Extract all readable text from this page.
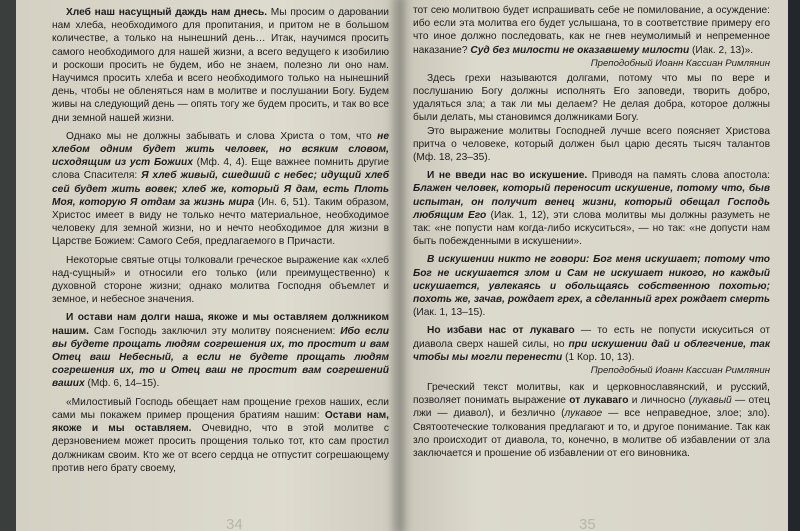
Хлеб наш насущный даждь нам днесь. Мы просим о даровании нам хлеба, необходимого для пропитания, и притом не в большом количестве, а только на нынешний день… Итак, научимся просить самого необходимого для нашей жизни, а всего ведущего к изобилию и роскоши просить не будем, ибо не знаем, полезно ли оно нам. Научимся просить хлеба и всего необходимого только на нынешний день, чтобы не обленяться нам в молитве и послушании Богу. Будем живы на следующий день — опять тогу же будем просить, и так во все дни земной нашей жизни.

Однако мы не должны забывать и слова Христа о том, что не хлебом одним будет жить человек, но всяким словом, исходящим из уст Божиих (Мф. 4, 4). Еще важнее помнить другие слова Спасителя: Я хлеб живый, сшедший с небес; идущий хлеб сей будет жить вовек; хлеб же, который Я дам, есть Плоть Моя, которую Я отдам за жизнь мира (Ин. 6, 51). Таким образом, Христос имеет в виду не только нечто материальное, необходимое человеку для земной жизни, но и нечто необходимое для жизни в Царстве Божием: Самого Себя, предлагаемого в Причасти.

Некоторые святые отцы толковали греческое выражение как «хлеб над-сущный» и относили его только (или преимущественно) к духовной стороне жизни; однако молитва Господня объемлет и земное, и небесное значения.

И остави нам долги наша, якоже и мы оставляем должником нашим. Сам Господь заключил эту молитву пояснением: Ибо если вы будете прощать людям согрешения их, то простит и вам Отец ваш Небесный, а если не будете прощать людям согрешения их, то и Отец ваш не простит вам согрешений ваших (Мф. 6, 14–15).

«Милостивый Господь обещает нам прощение грехов наших, если сами мы покажем пример прощения братиям нашим: Остави нам, якоже и мы оставляем. Очевидно, что в этой молитве с дерзновением может просить прощения только тот, кто сам простил должникам своим. Кто же от всего сердца не отпустит согрешающему против него брату своему,

34

тот сею молитвою будет испрашивать себе не помилование, а осуждение: ибо если эта молитва его будет услышана, то в соответствие примеру его что иное должно последовать, как не гнев неумолимый и непременное наказание? Суд без милости не оказавшему милости (Иак. 2, 13)».

Преподобный Иоанн Кассиан Римлянин

Здесь грехи называются долгами, потому что мы по вере и послушанию Богу должны исполнять Его заповеди, творить добро, удаляться зла; а так ли мы делаем? Не делая добра, которое должны были делать, мы становимся должниками Богу.

Это выражение молитвы Господней лучше всего поясняет Христова притча о человеке, который должен был царю десять тысяч талантов (Мф. 18, 23–35).

И не введи нас во искушение. Приводя на память слова апостола: Блажен человек, который переносит искушение, потому что, быв испытан, он получит венец жизни, который обещал Господь любящим Его (Иак. 1, 12), эти слова молитвы мы должны разуметь не так: «не попусти нам когда-либо искуситься», — но так: «не допусти нам быть побежденными в искушении».

В искушении никто не говори: Бог меня искушает; потому что Бог не искушается злом и Сам не искушает никого, но каждый искушается, увлекаясь и обольщаясь собственною похотью; похоть же, зачав, рождает грех, а сделанный грех рождает смерть (Иак. 1, 13–15).

Но избави нас от лукаваго — то есть не попусти искуситься от диавола сверх нашей силы, но при искушении дай и облегчение, так чтобы мы могли перенести (1 Кор. 10, 13).

Преподобный Иоанн Кассиан Римлянин

Греческий текст молитвы, как и церковнославянский, и русский, позволяет понимать выражение от лукаваго и личносно (лукавый — отец лжи — диавол), и безлично (лукавое — все неправедное, злое; зло). Святоотеческие толкования предлагают и то, и другое понимание. Так как зло происходит от диавола, то, конечно, в молитве об избавлении от зла заключается и прошение об избавлении от его виновника.

35
